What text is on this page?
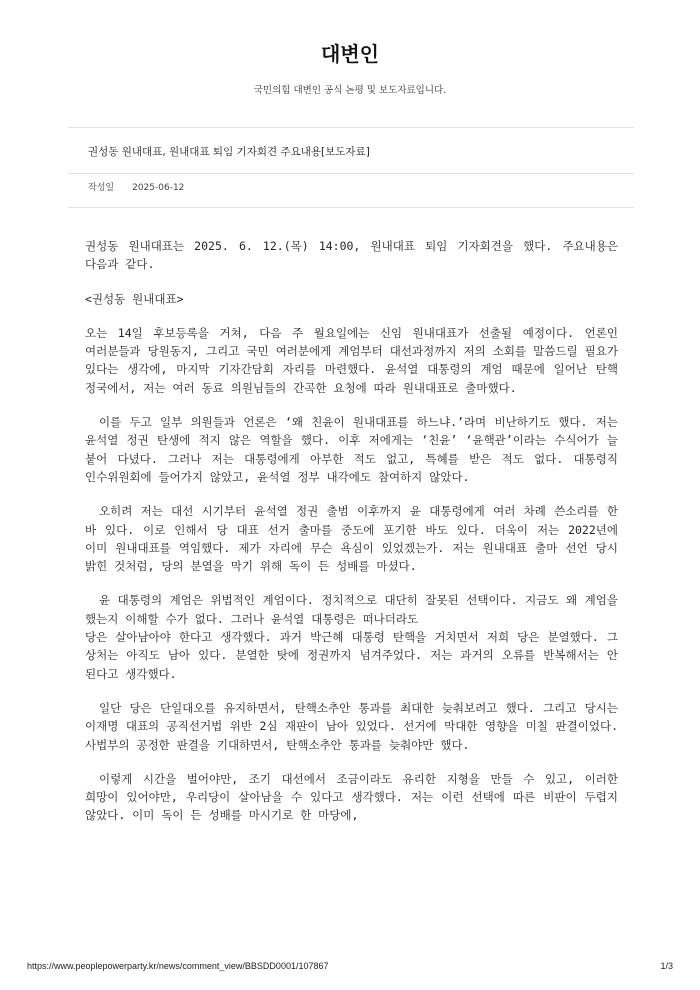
대변인
국민의힘 대변인 공식 논평 및 보도자료입니다.
권성동 원내대표, 원내대표 퇴임 기자회견 주요내용[보도자료]
작성일 2025-06-12

권성동 원내대표는 2025. 6. 12.(목) 14:00, 원내대표 퇴임 기자회견을 했다. 주요내용은 다음과 같다.

<권성동 원내대표>

오는 14일 후보등록을 거쳐, 다음 주 월요일에는 신임 원내대표가 선출될 예정이다. 언론인 여러분들과 당원동지, 그리고 국민 여러분에게 계엄부터 대선과정까지 저의 소회를 말씀드릴 필요가 있다는 생각에, 마지막 기자간담회 자리를 마련했다. 윤석열 대통령의 계엄 때문에 일어난 탄핵 정국에서, 저는 여러 동료 의원님들의 간곡한 요청에 따라 원내대표로 출마했다.

이를 두고 일부 의원들과 언론은 ‘왜 친윤이 원내대표를 하느냐.’라며 비난하기도 했다. 저는 윤석열 정권 탄생에 적지 않은 역할을 했다. 이후 저에게는 ‘친윤’ ‘윤핵관’이라는 수식어가 늘 붙어 다녔다. 그러나 저는 대통령에게 아부한 적도 없고, 특혜를 받은 적도 없다. 대통령직 인수위원회에 들어가지 않았고, 윤석열 정부 내각에도 참여하지 않았다.

오히려 저는 대선 시기부터 윤석열 정권 출범 이후까지 윤 대통령에게 여러 차례 쓴소리를 한 바 있다. 이로 인해서 당 대표 선거 출마를 중도에 포기한 바도 있다. 더욱이 저는 2022년에 이미 원내대표를 역임했다. 제가 자리에 무슨 욕심이 있었겠는가. 저는 원내대표 출마 선언 당시 밝힌 것처럼, 당의 분열을 막기 위해 독이 든 성배를 마셨다.

윤 대통령의 계엄은 위법적인 계엄이다. 정치적으로 대단히 잘못된 선택이다. 지금도 왜 계엄을 했는지 이해할 수가 없다. 그러나 윤석열 대통령은 떠나더라도

당은 살아남아야 한다고 생각했다. 과거 박근혜 대통령 탄핵을 거치면서 저희 당은 분열했다. 그 상처는 아직도 남아 있다. 분열한 탓에 정권까지 넘겨주었다. 저는 과거의 오류를 반복해서는 안 된다고 생각했다.

일단 당은 단일대오를 유지하면서, 탄핵소추안 통과를 최대한 늦춰보려고 했다. 그리고 당시는 이재명 대표의 공직선거법 위반 2심 재판이 남아 있었다. 선거에 막대한 영향을 미칠 판결이었다. 사법부의 공정한 판결을 기대하면서, 탄핵소추안 통과를 늦춰야만 했다.

이렇게 시간을 벌어야만, 조기 대선에서 조금이라도 유리한 지형을 만들 수 있고, 이러한 희망이 있어야만, 우리당이 살아남을 수 있다고 생각했다. 저는 이런 선택에 따른 비판이 두렵지 않았다. 이미 독이 든 성배를 마시기로 한 마당에,

https://www.peoplepowerparty.kr/news/comment_view/BBSDD0001/107867	1/3
